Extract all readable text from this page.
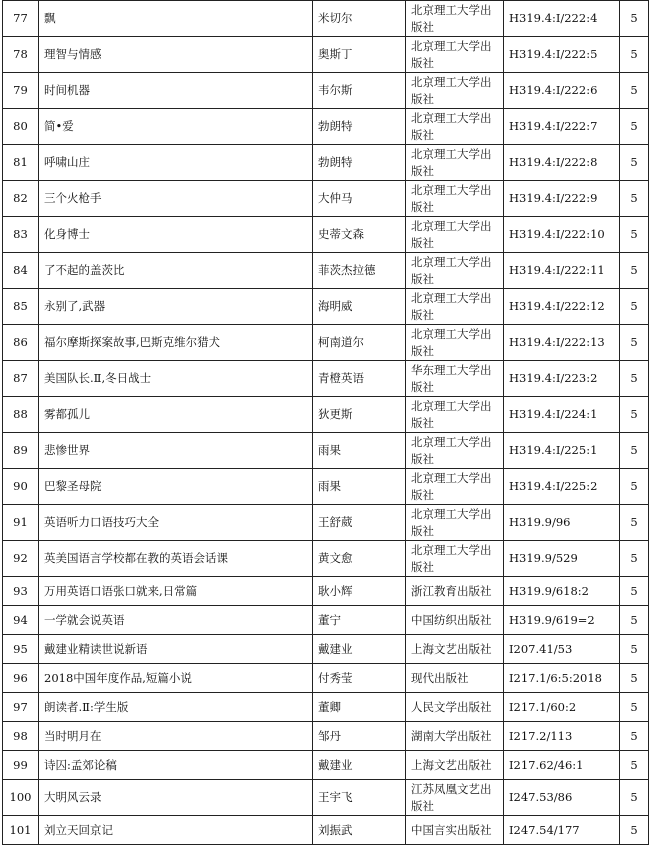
77	飘	米切尔	北京理工大学出版社	H319.4:I/222:4	5
78	理智与情感	奥斯丁	北京理工大学出版社	H319.4:I/222:5	5
79	时间机器	韦尔斯	北京理工大学出版社	H319.4:I/222:6	5
80	简•爱	勃朗特	北京理工大学出版社	H319.4:I/222:7	5
81	呼啸山庄	勃朗特	北京理工大学出版社	H319.4:I/222:8	5
82	三个火枪手	大仲马	北京理工大学出版社	H319.4:I/222:9	5
83	化身博士	史蒂文森	北京理工大学出版社	H319.4:I/222:10	5
84	了不起的盖茨比	菲茨杰拉德	北京理工大学出版社	H319.4:I/222:11	5
85	永别了,武器	海明威	北京理工大学出版社	H319.4:I/222:12	5
86	福尔摩斯探案故事,巴斯克维尔猎犬	柯南道尔	北京理工大学出版社	H319.4:I/222:13	5
87	美国队长.Ⅱ,冬日战士	青橙英语	华东理工大学出版社	H319.4:I/223:2	5
88	雾都孤儿	狄更斯	北京理工大学出版社	H319.4:I/224:1	5
89	悲惨世界	雨果	北京理工大学出版社	H319.4:I/225:1	5
90	巴黎圣母院	雨果	北京理工大学出版社	H319.4:I/225:2	5
91	英语听力口语技巧大全	王舒葳	北京理工大学出版社	H319.9/96	5
92	英美国语言学校都在教的英语会话课	黄文愈	北京理工大学出版社	H319.9/529	5
93	万用英语口语张口就来,日常篇	耿小辉	浙江教育出版社	H319.9/618:2	5
94	一学就会说英语	董宁	中国纺织出版社	H319.9/619=2	5
95	戴建业精读世说新语	戴建业	上海文艺出版社	I207.41/53	5
96	2018中国年度作品,短篇小说	付秀莹	现代出版社	I217.1/6:5:2018	5
97	朗读者.Ⅱ:学生版	董卿	人民文学出版社	I217.1/60:2	5
98	当时明月在	邹丹	湖南大学出版社	I217.2/113	5
99	诗囚:孟郊论稿	戴建业	上海文艺出版社	I217.62/46:1	5
100	大明风云录	王宇飞	江苏凤凰文艺出版社	I247.53/86	5
101	刘立天回京记	刘振武	中国言实出版社	I247.54/177	5
